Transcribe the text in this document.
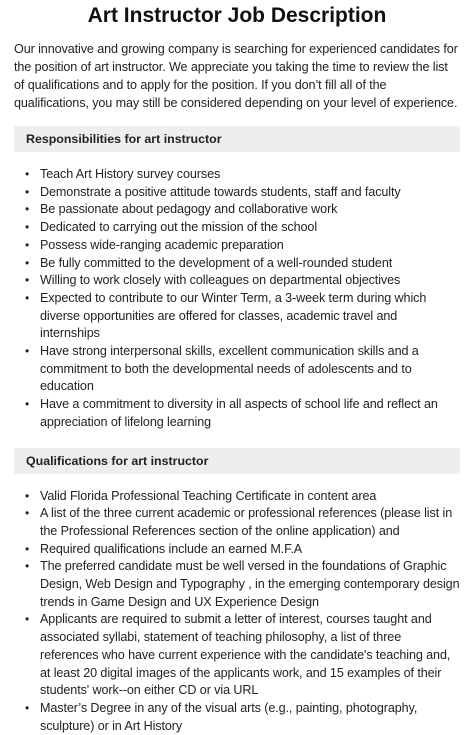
Art Instructor Job Description

Our innovative and growing company is searching for experienced candidates for the position of art instructor. We appreciate you taking the time to review the list of qualifications and to apply for the position. If you don’t fill all of the qualifications, you may still be considered depending on your level of experience.

Responsibilities for art instructor
• Teach Art History survey courses
• Demonstrate a positive attitude towards students, staff and faculty
• Be passionate about pedagogy and collaborative work
• Dedicated to carrying out the mission of the school
• Possess wide-ranging academic preparation
• Be fully committed to the development of a well-rounded student
• Willing to work closely with colleagues on departmental objectives
• Expected to contribute to our Winter Term, a 3-week term during which diverse opportunities are offered for classes, academic travel and internships
• Have strong interpersonal skills, excellent communication skills and a commitment to both the developmental needs of adolescents and to education
• Have a commitment to diversity in all aspects of school life and reflect an appreciation of lifelong learning
Qualifications for art instructor
• Valid Florida Professional Teaching Certificate in content area
• A list of the three current academic or professional references (please list in the Professional References section of the online application) and
• Required qualifications include an earned M.F.A
• The preferred candidate must be well versed in the foundations of Graphic Design, Web Design and Typography , in the emerging contemporary design trends in Game Design and UX Experience Design
• Applicants are required to submit a letter of interest, courses taught and associated syllabi, statement of teaching philosophy, a list of three references who have current experience with the candidate's teaching and, at least 20 digital images of the applicants work, and 15 examples of their students' work--on either CD or via URL
• Master’s Degree in any of the visual arts (e.g., painting, photography, sculpture) or in Art History
